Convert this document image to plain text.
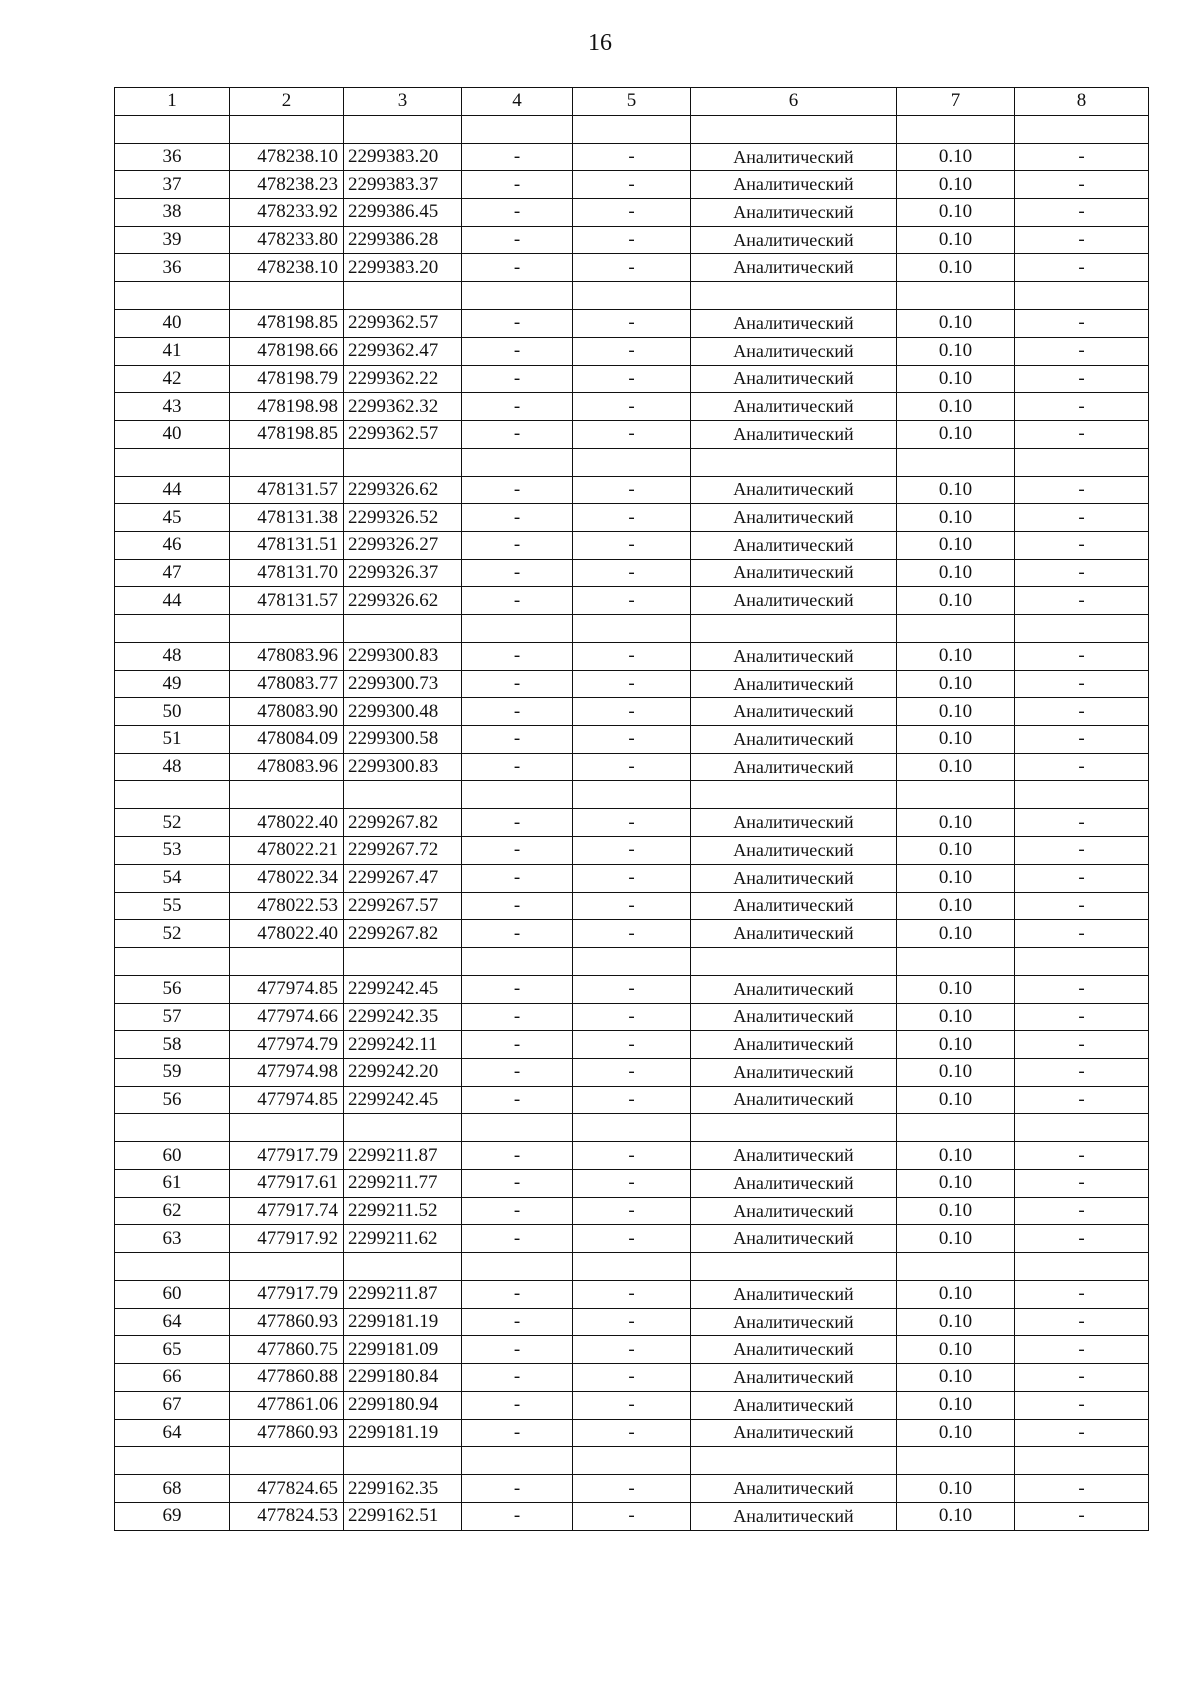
16
1	2	3	4	5	6	7	8

36	478238.10	2299383.20	-	-	Аналитический	0.10	-
37	478238.23	2299383.37	-	-	Аналитический	0.10	-
38	478233.92	2299386.45	-	-	Аналитический	0.10	-
39	478233.80	2299386.28	-	-	Аналитический	0.10	-
36	478238.10	2299383.20	-	-	Аналитический	0.10	-

40	478198.85	2299362.57	-	-	Аналитический	0.10	-
41	478198.66	2299362.47	-	-	Аналитический	0.10	-
42	478198.79	2299362.22	-	-	Аналитический	0.10	-
43	478198.98	2299362.32	-	-	Аналитический	0.10	-
40	478198.85	2299362.57	-	-	Аналитический	0.10	-

44	478131.57	2299326.62	-	-	Аналитический	0.10	-
45	478131.38	2299326.52	-	-	Аналитический	0.10	-
46	478131.51	2299326.27	-	-	Аналитический	0.10	-
47	478131.70	2299326.37	-	-	Аналитический	0.10	-
44	478131.57	2299326.62	-	-	Аналитический	0.10	-

48	478083.96	2299300.83	-	-	Аналитический	0.10	-
49	478083.77	2299300.73	-	-	Аналитический	0.10	-
50	478083.90	2299300.48	-	-	Аналитический	0.10	-
51	478084.09	2299300.58	-	-	Аналитический	0.10	-
48	478083.96	2299300.83	-	-	Аналитический	0.10	-

52	478022.40	2299267.82	-	-	Аналитический	0.10	-
53	478022.21	2299267.72	-	-	Аналитический	0.10	-
54	478022.34	2299267.47	-	-	Аналитический	0.10	-
55	478022.53	2299267.57	-	-	Аналитический	0.10	-
52	478022.40	2299267.82	-	-	Аналитический	0.10	-

56	477974.85	2299242.45	-	-	Аналитический	0.10	-
57	477974.66	2299242.35	-	-	Аналитический	0.10	-
58	477974.79	2299242.11	-	-	Аналитический	0.10	-
59	477974.98	2299242.20	-	-	Аналитический	0.10	-
56	477974.85	2299242.45	-	-	Аналитический	0.10	-

60	477917.79	2299211.87	-	-	Аналитический	0.10	-
61	477917.61	2299211.77	-	-	Аналитический	0.10	-
62	477917.74	2299211.52	-	-	Аналитический	0.10	-
63	477917.92	2299211.62	-	-	Аналитический	0.10	-

60	477917.79	2299211.87	-	-	Аналитический	0.10	-
64	477860.93	2299181.19	-	-	Аналитический	0.10	-
65	477860.75	2299181.09	-	-	Аналитический	0.10	-
66	477860.88	2299180.84	-	-	Аналитический	0.10	-
67	477861.06	2299180.94	-	-	Аналитический	0.10	-
64	477860.93	2299181.19	-	-	Аналитический	0.10	-

68	477824.65	2299162.35	-	-	Аналитический	0.10	-
69	477824.53	2299162.51	-	-	Аналитический	0.10	-
